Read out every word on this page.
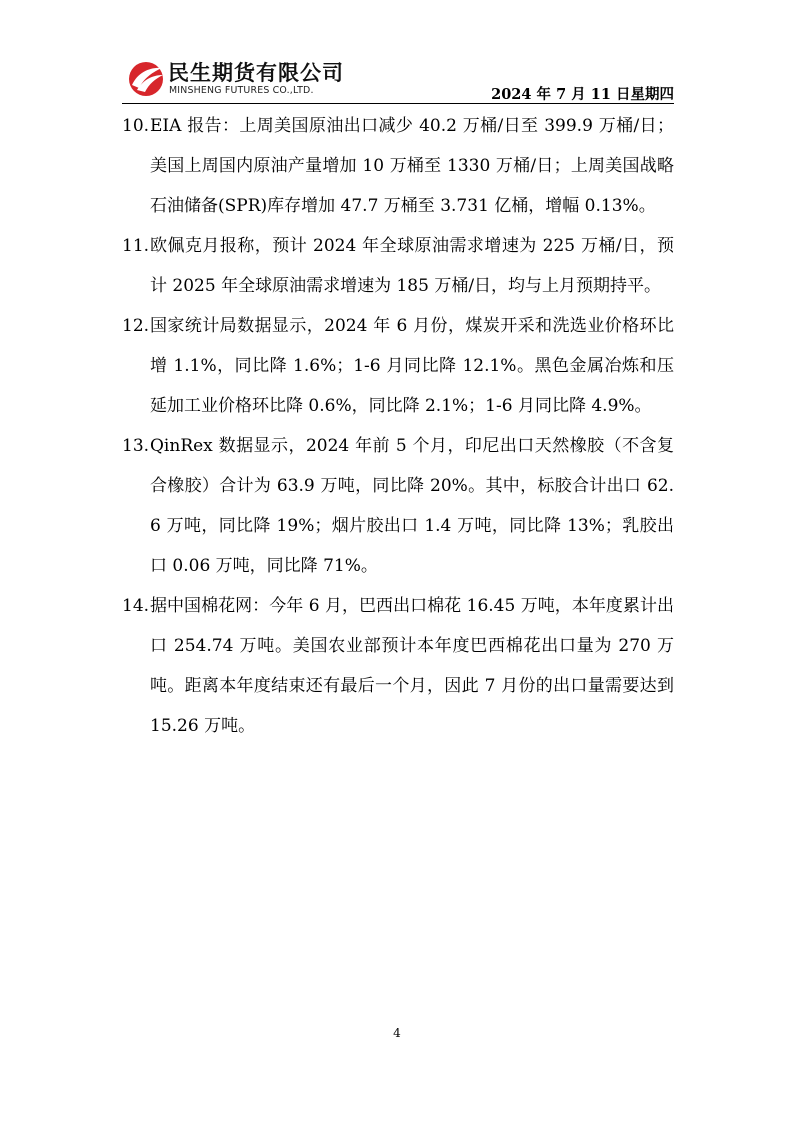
民生期货有限公司
MINSHENG FUTURES CO.,LTD.	2024 年 7 月 11 日星期四
10. EIA 报告：上周美国原油出口减少 40.2 万桶/日至 399.9 万桶/日；美国上周国内原油产量增加 10 万桶至 1330 万桶/日；上周美国战略石油储备(SPR)库存增加 47.7 万桶至 3.731 亿桶，增幅 0.13%。
11. 欧佩克月报称，预计 2024 年全球原油需求增速为 225 万桶/日，预计 2025 年全球原油需求增速为 185 万桶/日，均与上月预期持平。
12. 国家统计局数据显示，2024 年 6 月份，煤炭开采和洗选业价格环比增 1.1%，同比降 1.6%；1-6 月同比降 12.1%。黑色金属冶炼和压延加工业价格环比降 0.6%，同比降 2.1%；1-6 月同比降 4.9%。
13. QinRex 数据显示，2024 年前 5 个月，印尼出口天然橡胶（不含复合橡胶）合计为 63.9 万吨，同比降 20%。其中，标胶合计出口 62.6 万吨，同比降 19%；烟片胶出口 1.4 万吨，同比降 13%；乳胶出口 0.06 万吨，同比降 71%。
14. 据中国棉花网：今年 6 月，巴西出口棉花 16.45 万吨，本年度累计出口 254.74 万吨。美国农业部预计本年度巴西棉花出口量为 270 万吨。距离本年度结束还有最后一个月，因此 7 月份的出口量需要达到 15.26 万吨。
4
